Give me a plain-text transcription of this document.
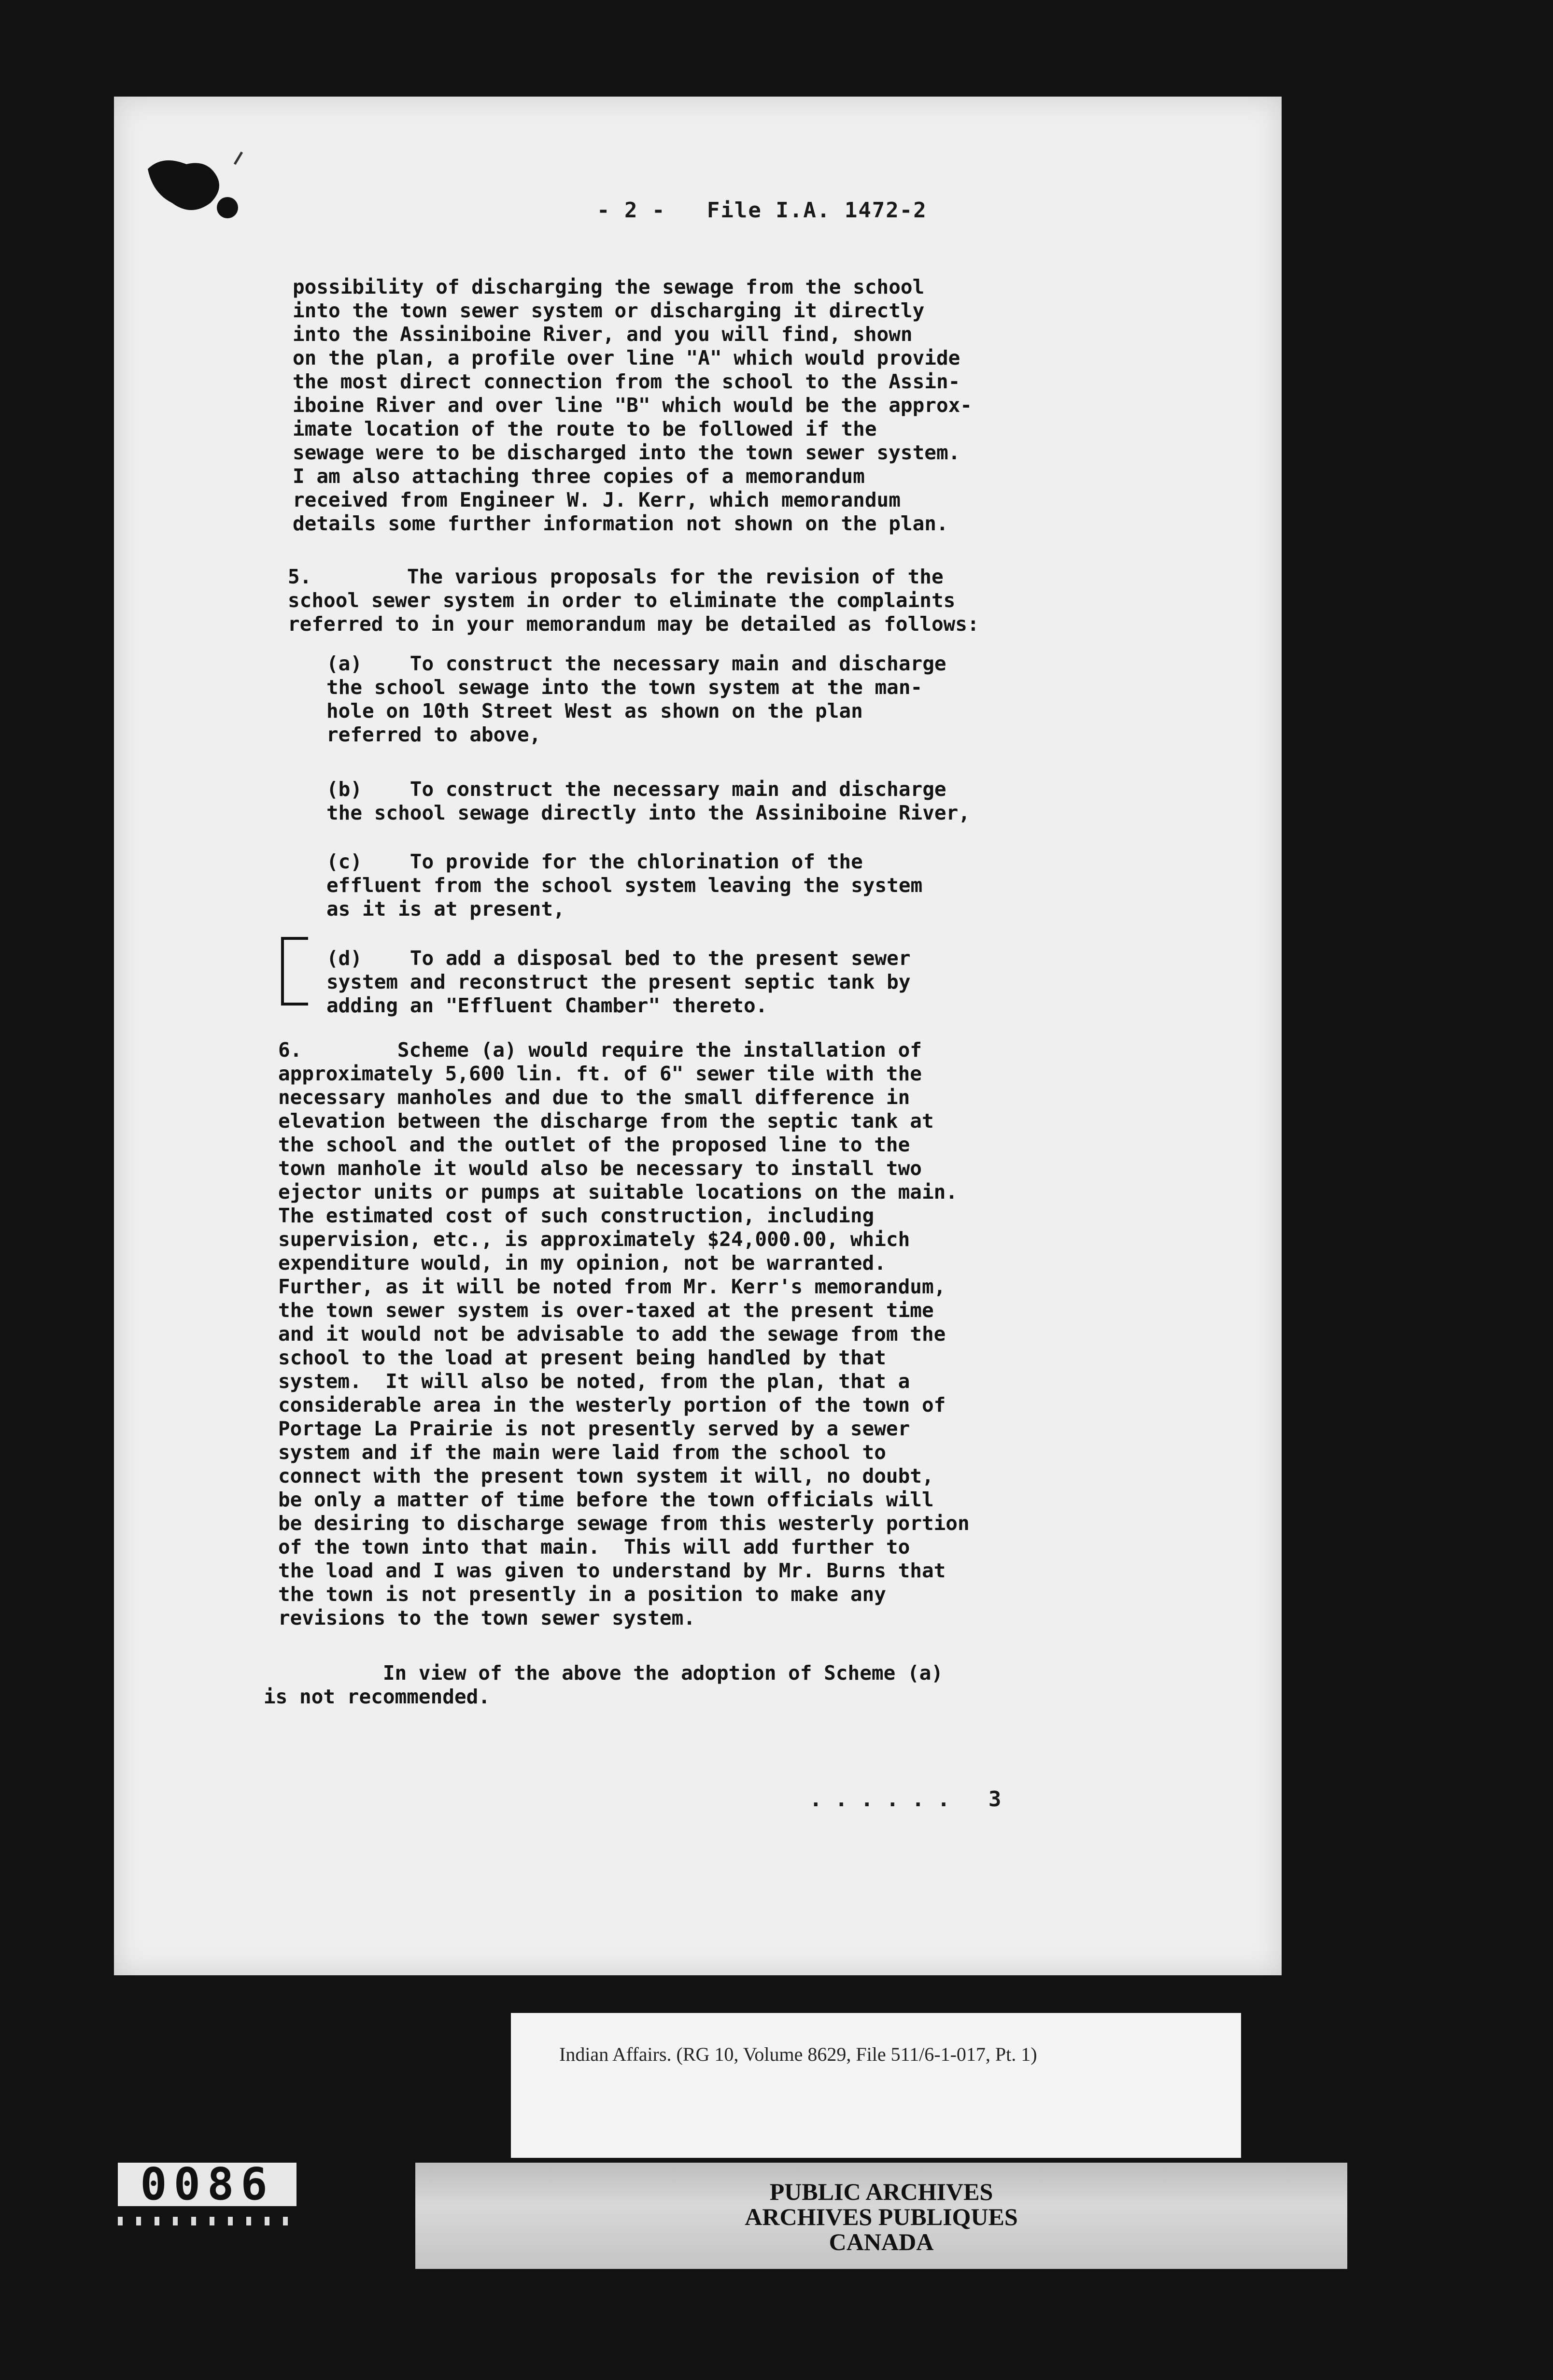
- 2 -   File I.A. 1472-2
possibility of discharging the sewage from the school
into the town sewer system or discharging it directly
into the Assiniboine River, and you will find, shown
on the plan, a profile over line "A" which would provide
the most direct connection from the school to the Assin-
iboine River and over line "B" which would be the approx-
imate location of the route to be followed if the
sewage were to be discharged into the town sewer system.
I am also attaching three copies of a memorandum
received from Engineer W. J. Kerr, which memorandum
details some further information not shown on the plan.
5.        The various proposals for the revision of the
school sewer system in order to eliminate the complaints
referred to in your memorandum may be detailed as follows:
(a)    To construct the necessary main and discharge
the school sewage into the town system at the man-
hole on 10th Street West as shown on the plan
referred to above,
(b)    To construct the necessary main and discharge
the school sewage directly into the Assiniboine River,
(c)    To provide for the chlorination of the
effluent from the school system leaving the system
as it is at present,
(d)    To add a disposal bed to the present sewer
system and reconstruct the present septic tank by
adding an "Effluent Chamber" thereto.
6.        Scheme (a) would require the installation of
approximately 5,600 lin. ft. of 6" sewer tile with the
necessary manholes and due to the small difference in
elevation between the discharge from the septic tank at
the school and the outlet of the proposed line to the
town manhole it would also be necessary to install two
ejector units or pumps at suitable locations on the main.
The estimated cost of such construction, including
supervision, etc., is approximately $24,000.00, which
expenditure would, in my opinion, not be warranted.
Further, as it will be noted from Mr. Kerr's memorandum,
the town sewer system is over-taxed at the present time
and it would not be advisable to add the sewage from the
school to the load at present being handled by that
system.  It will also be noted, from the plan, that a
considerable area in the westerly portion of the town of
Portage La Prairie is not presently served by a sewer
system and if the main were laid from the school to
connect with the present town system it will, no doubt,
be only a matter of time before the town officials will
be desiring to discharge sewage from this westerly portion
of the town into that main.  This will add further to
the load and I was given to understand by Mr. Burns that
the town is not presently in a position to make any
revisions to the town sewer system.
In view of the above the adoption of Scheme (a)
is not recommended.
. . . . . .   3
Indian Affairs. (RG 10, Volume 8629, File 511/6-1-017, Pt. 1)
0086	PUBLIC ARCHIVES
ARCHIVES PUBLIQUES
CANADA
